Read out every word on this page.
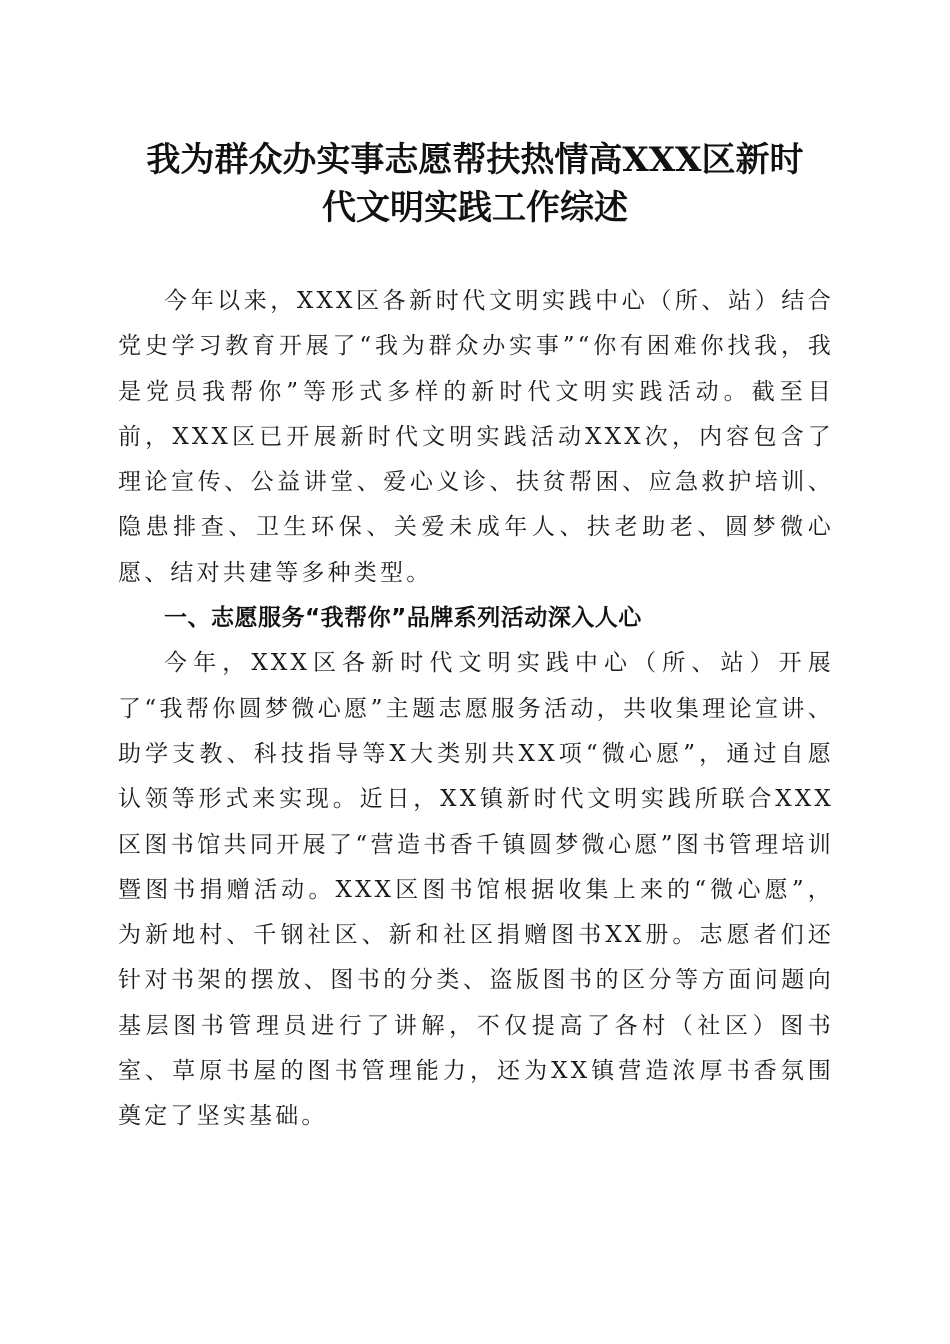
我为群众办实事志愿帮扶热情高XXX区新时
代文明实践工作综述

今年以来，XXX区各新时代文明实践中心（所、站）结合党史学习教育开展了“我为群众办实事”“你有困难你找我，我是党员我帮你”等形式多样的新时代文明实践活动。截至目前，XXX区已开展新时代文明实践活动XXX次，内容包含了理论宣传、公益讲堂、爱心义诊、扶贫帮困、应急救护培训、隐患排查、卫生环保、关爱未成年人、扶老助老、圆梦微心愿、结对共建等多种类型。

一、志愿服务“我帮你”品牌系列活动深入人心

今年，XXX区各新时代文明实践中心（所、站）开展了“我帮你圆梦微心愿”主题志愿服务活动，共收集理论宣讲、助学支教、科技指导等X大类别共XX项“微心愿”，通过自愿认领等形式来实现。近日，XX镇新时代文明实践所联合XXX区图书馆共同开展了“营造书香千镇圆梦微心愿”图书管理培训暨图书捐赠活动。XXX区图书馆根据收集上来的“微心愿”，为新地村、千钢社区、新和社区捐赠图书XX册。志愿者们还针对书架的摆放、图书的分类、盗版图书的区分等方面问题向基层图书管理员进行了讲解，不仅提高了各村（社区）图书室、草原书屋的图书管理能力，还为XX镇营造浓厚书香氛围奠定了坚实基础。
